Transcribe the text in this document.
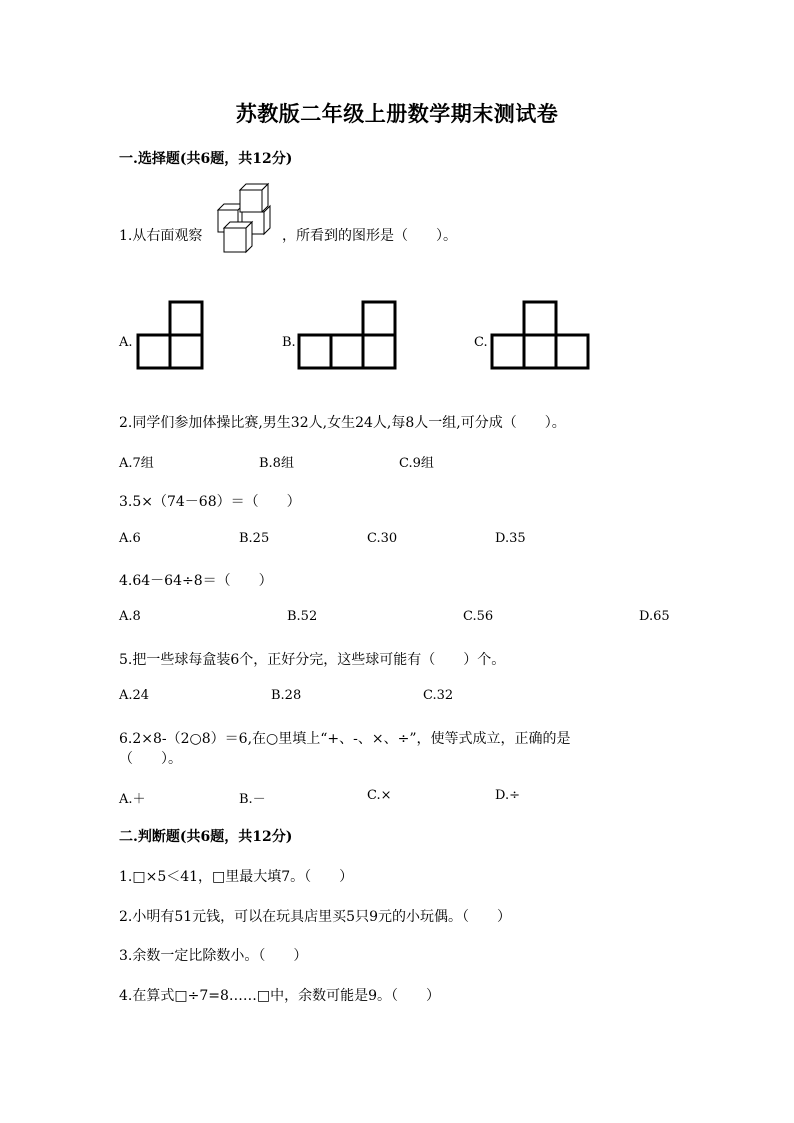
苏教版二年级上册数学期末测试卷
一.选择题(共6题，共12分)
1.从右面观察	，所看到的图形是（　　）。
A.	B.	C.
2.同学们参加体操比赛,男生32人,女生24人,每8人一组,可分成（　　）。
A.7组	B.8组	C.9组
3.5×（74－68）＝（　　）
A.6	B.25	C.30	D.35
4.64－64÷8＝（　　）
A.8	B.52	C.56	D.65
5.把一些球每盒装6个，正好分完，这些球可能有（　　）个。
A.24	B.28	C.32
6.2×8-（2○8）＝6,在○里填上“+、-、×、÷”，使等式成立，正确的是
（　　）。
A.＋	B.－	C.×	D.÷
二.判断题(共6题，共12分)
1.□×5＜41，□里最大填7。（　　）
2.小明有51元钱，可以在玩具店里买5只9元的小玩偶。（　　）
3.余数一定比除数小。（　　）
4.在算式□÷7=8……□中，余数可能是9。（　　）
